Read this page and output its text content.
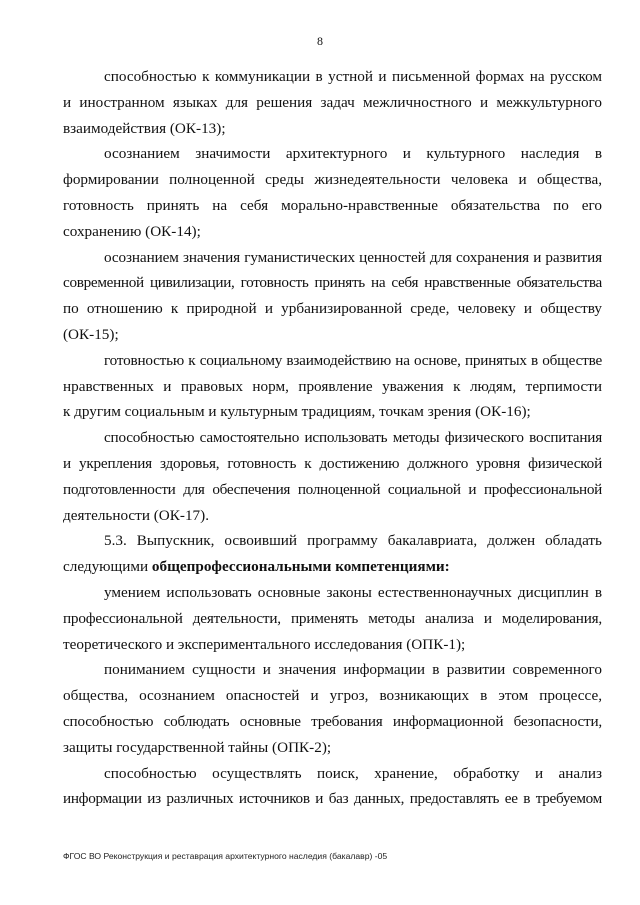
8
способностью к коммуникации в устной и письменной формах на русском
и иностранном языках для решения задач межличностного и межкультурного
взаимодействия (ОК-13);
осознанием значимости архитектурного и культурного наследия в
формировании полноценной среды жизнедеятельности человека и общества,
готовность принять на себя морально-нравственные обязательства по его
сохранению (ОК-14);
осознанием значения гуманистических ценностей для сохранения и развития
современной цивилизации, готовность принять на себя нравственные обязательства
по отношению к природной и урбанизированной среде, человеку и обществу
(ОК-15);
готовностью к социальному взаимодействию на основе, принятых в обществе
нравственных и правовых норм, проявление уважения к людям, терпимости
к другим социальным и культурным традициям, точкам зрения (ОК-16);
способностью самостоятельно использовать методы физического воспитания
и укрепления здоровья, готовность к достижению должного уровня физической
подготовленности для обеспечения полноценной социальной и профессиональной
деятельности (ОК-17).
5.3. Выпускник, освоивший программу бакалавриата, должен обладать
следующими общепрофессиональными компетенциями:
умением использовать основные законы естественнонаучных дисциплин в
профессиональной деятельности, применять методы анализа и моделирования,
теоретического и экспериментального исследования (ОПК-1);
пониманием сущности и значения информации в развитии современного
общества, осознанием опасностей и угроз, возникающих в этом процессе,
способностью соблюдать основные требования информационной безопасности,
защиты государственной тайны (ОПК-2);
способностью осуществлять поиск, хранение, обработку и анализ
информации из различных источников и баз данных, предоставлять ее в требуемом
ФГОС ВО Реконструкция и реставрация архитектурного наследия (бакалавр) -05
